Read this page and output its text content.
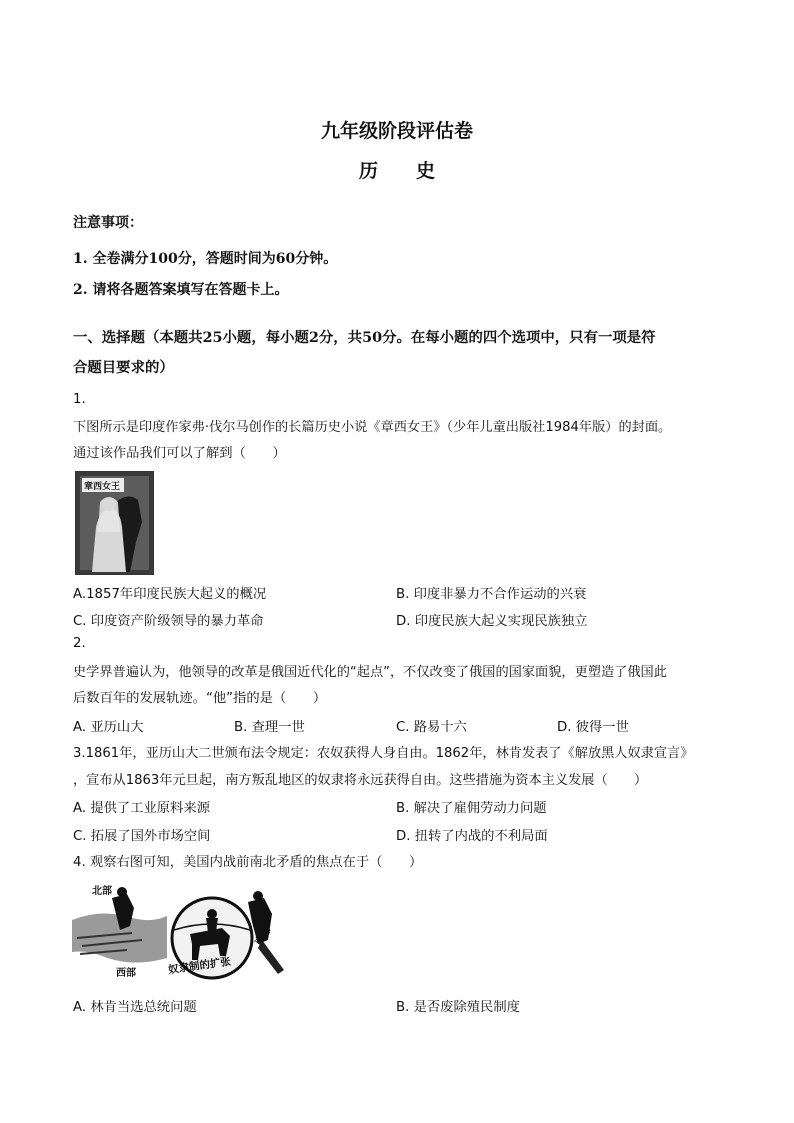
九年级阶段评估卷
历　　史
注意事项：
1. 全卷满分100分，答题时间为60分钟。
2. 请将各题答案填写在答题卡上。
一、选择题（本题共25小题，每小题2分，共50分。在每小题的四个选项中，只有一项是符
合题目要求的）
1.
下图所示是印度作家弗·伐尔马创作的长篇历史小说《章西女王》（少年儿童出版社1984年版）的封面。
通过该作品我们可以了解到（　　）
章西女王
A.1857年印度民族大起义的概况	B. 印度非暴力不合作运动的兴衰
C. 印度资产阶级领导的暴力革命	D. 印度民族大起义实现民族独立
2.
史学界普遍认为，他领导的改革是俄国近代化的“起点”，不仅改变了俄国的国家面貌，更塑造了俄国此
后数百年的发展轨迹。“他”指的是（　　）
A. 亚历山大	B. 查理一世	C. 路易十六	D. 彼得一世
3.1861年，亚历山大二世颁布法令规定：农奴获得人身自由。1862年，林肯发表了《解放黑人奴隶宣言》
，宣布从1863年元旦起，南方叛乱地区的奴隶将永远获得自由。这些措施为资本主义发展（　　）
A. 提供了工业原料来源	B. 解决了雇佣劳动力问题
C. 拓展了国外市场空间	D. 扭转了内战的不利局面
4. 观察右图可知，美国内战前南北矛盾的焦点在于（　　）
北部
南部
西部	奴隶制的扩张
A. 林肯当选总统问题	B. 是否废除殖民制度
